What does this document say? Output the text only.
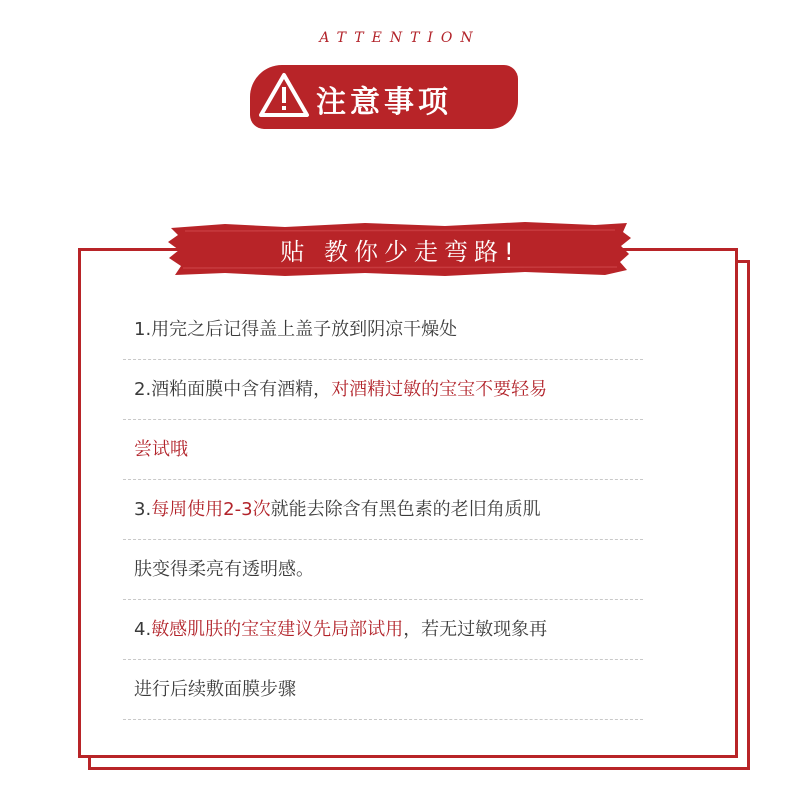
ATTENTION
注意事项
贴 教你少走弯路!
1.用完之后记得盖上盖子放到阴凉干燥处
2.酒粕面膜中含有酒精，对酒精过敏的宝宝不要轻易
尝试哦
3.每周使用2-3次就能去除含有黑色素的老旧角质肌
肤变得柔亮有透明感。
4.敏感肌肤的宝宝建议先局部试用，若无过敏现象再
进行后续敷面膜步骤
